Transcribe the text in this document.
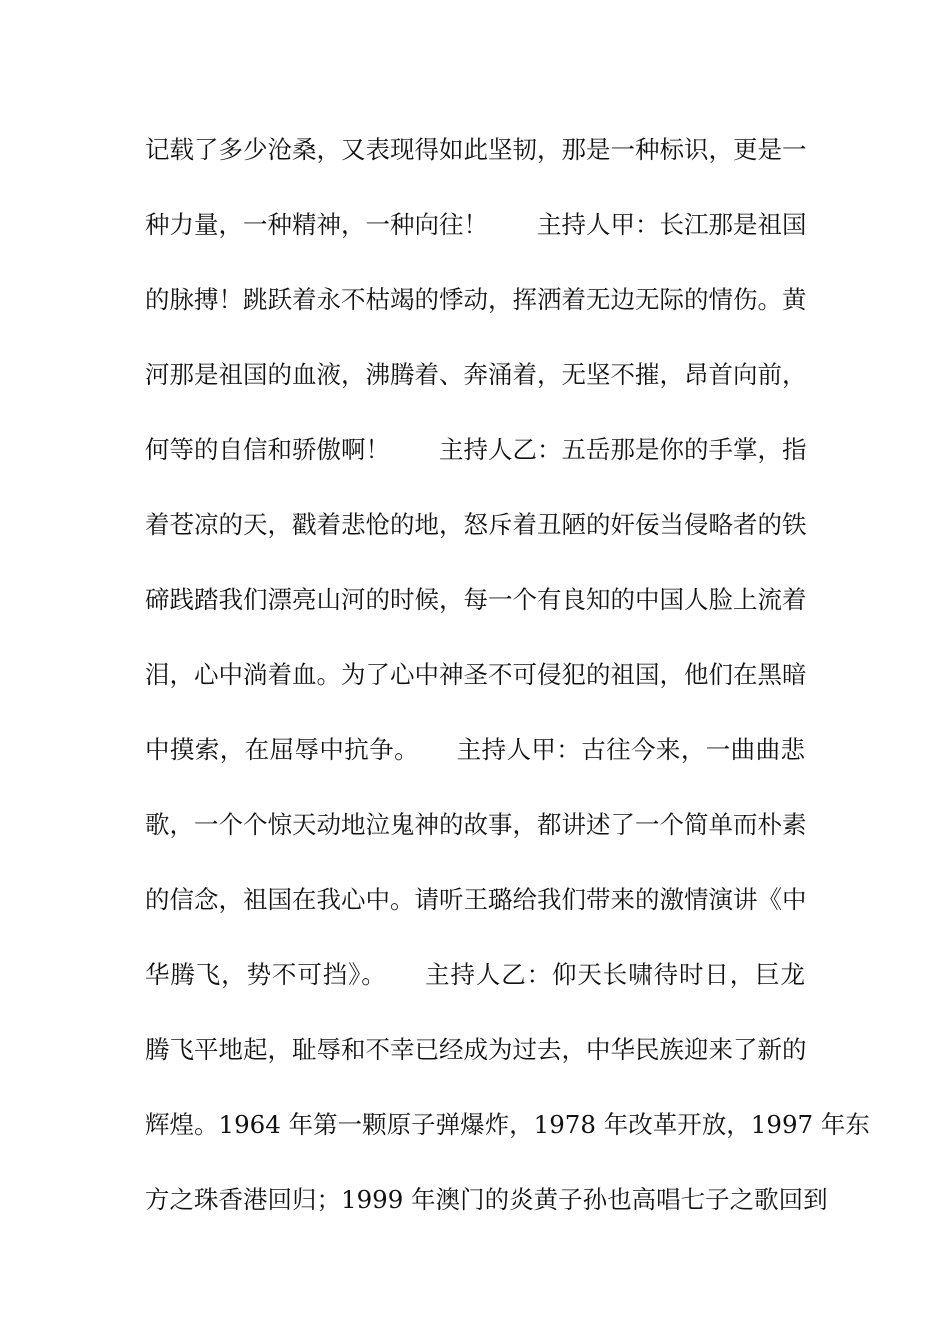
记载了多少沧桑，又表现得如此坚韧，那是一种标识，更是一
种力量，一种精神，一种向往！　　主持人甲：长江那是祖国
的脉搏！跳跃着永不枯竭的悸动，挥洒着无边无际的情伤。黄
河那是祖国的血液，沸腾着、奔涌着，无坚不摧，昂首向前，
何等的自信和骄傲啊！　　主持人乙：五岳那是你的手掌，指
着苍凉的天，戳着悲怆的地，怒斥着丑陋的奸佞当侵略者的铁
碲践踏我们漂亮山河的时候，每一个有良知的中国人脸上流着
泪，心中淌着血。为了心中神圣不可侵犯的祖国，他们在黑暗
中摸索，在屈辱中抗争。　　主持人甲：古往今来，一曲曲悲
歌，一个个惊天动地泣鬼神的故事，都讲述了一个简单而朴素
的信念，祖国在我心中。请听王璐给我们带来的激情演讲《中
华腾飞，势不可挡》。　　主持人乙：仰天长啸待时日，巨龙
腾飞平地起，耻辱和不幸已经成为过去，中华民族迎来了新的
辉煌。1964 年第一颗原子弹爆炸，1978 年改革开放，1997 年东
方之珠香港回归；1999 年澳门的炎黄子孙也高唱七子之歌回到
